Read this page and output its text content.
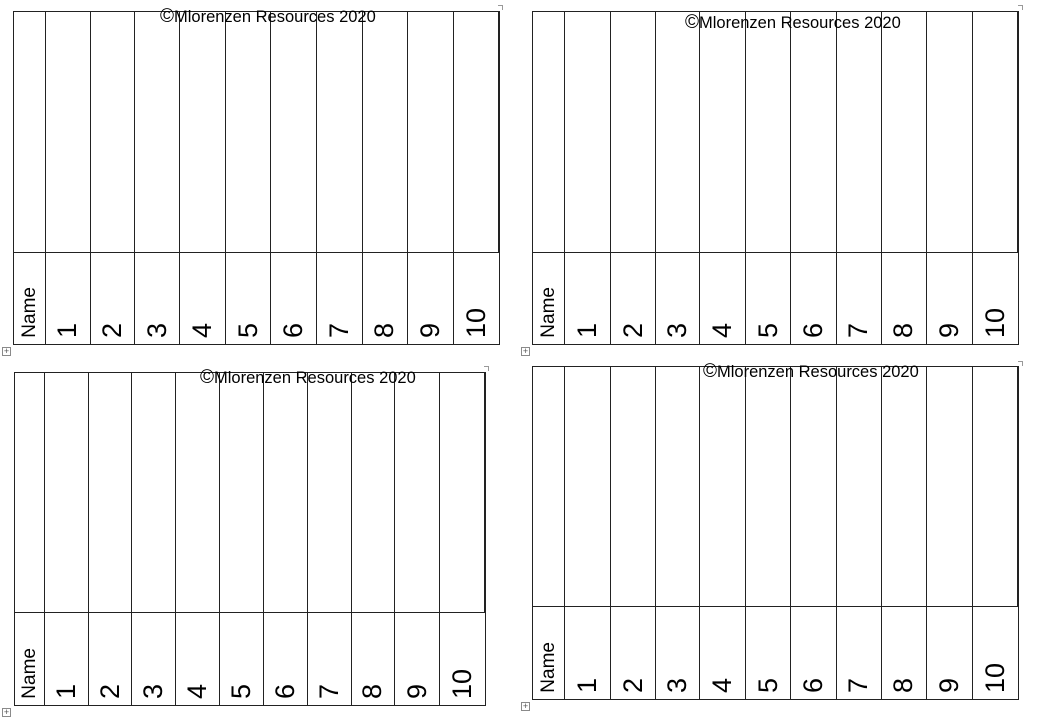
Name 1 2 3 4 5 6 7 8 9 10
©Mlorenzen Resources 2020
+
Name 1 2 3 4 5 6 7 8 9 10
©Mlorenzen Resources 2020
+
Name 1 2 3 4 5 6 7 8 9 10
©Mlorenzen Resources 2020
+
Name 1 2 3 4 5 6 7 8 9 10
©Mlorenzen Resources 2020
+
